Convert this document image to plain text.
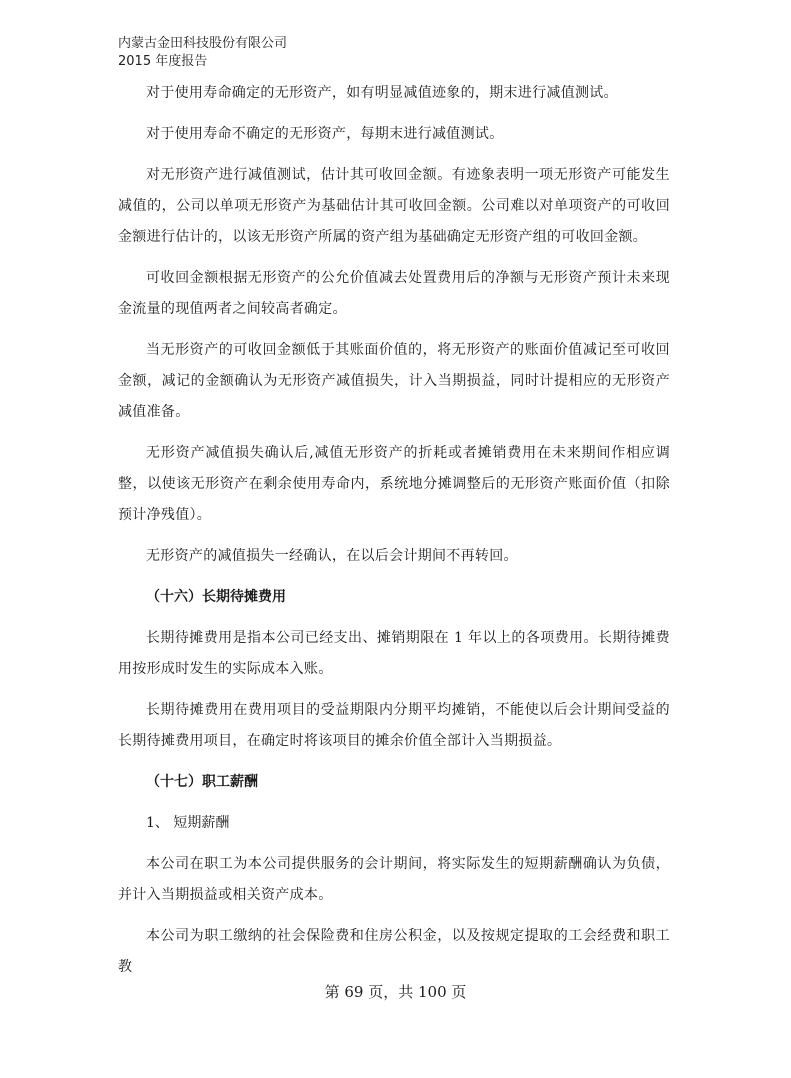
内蒙古金田科技股份有限公司
2015 年度报告

对于使用寿命确定的无形资产，如有明显减值迹象的，期末进行减值测试。

对于使用寿命不确定的无形资产，每期末进行减值测试。

对无形资产进行减值测试，估计其可收回金额。有迹象表明一项无形资产可能发生减值的，公司以单项无形资产为基础估计其可收回金额。公司难以对单项资产的可收回金额进行估计的，以该无形资产所属的资产组为基础确定无形资产组的可收回金额。

可收回金额根据无形资产的公允价值减去处置费用后的净额与无形资产预计未来现金流量的现值两者之间较高者确定。

当无形资产的可收回金额低于其账面价值的，将无形资产的账面价值减记至可收回金额，减记的金额确认为无形资产减值损失，计入当期损益，同时计提相应的无形资产减值准备。

无形资产减值损失确认后,减值无形资产的折耗或者摊销费用在未来期间作相应调整，以使该无形资产在剩余使用寿命内，系统地分摊调整后的无形资产账面价值（扣除预计净残值）。

无形资产的减值损失一经确认，在以后会计期间不再转回。

（十六）长期待摊费用

长期待摊费用是指本公司已经支出、摊销期限在 1 年以上的各项费用。长期待摊费用按形成时发生的实际成本入账。

长期待摊费用在费用项目的受益期限内分期平均摊销，不能使以后会计期间受益的长期待摊费用项目，在确定时将该项目的摊余价值全部计入当期损益。

（十七）职工薪酬
1、 短期薪酬

本公司在职工为本公司提供服务的会计期间，将实际发生的短期薪酬确认为负债，并计入当期损益或相关资产成本。

本公司为职工缴纳的社会保险费和住房公积金，以及按规定提取的工会经费和职工教

第 69 页，共 100 页
